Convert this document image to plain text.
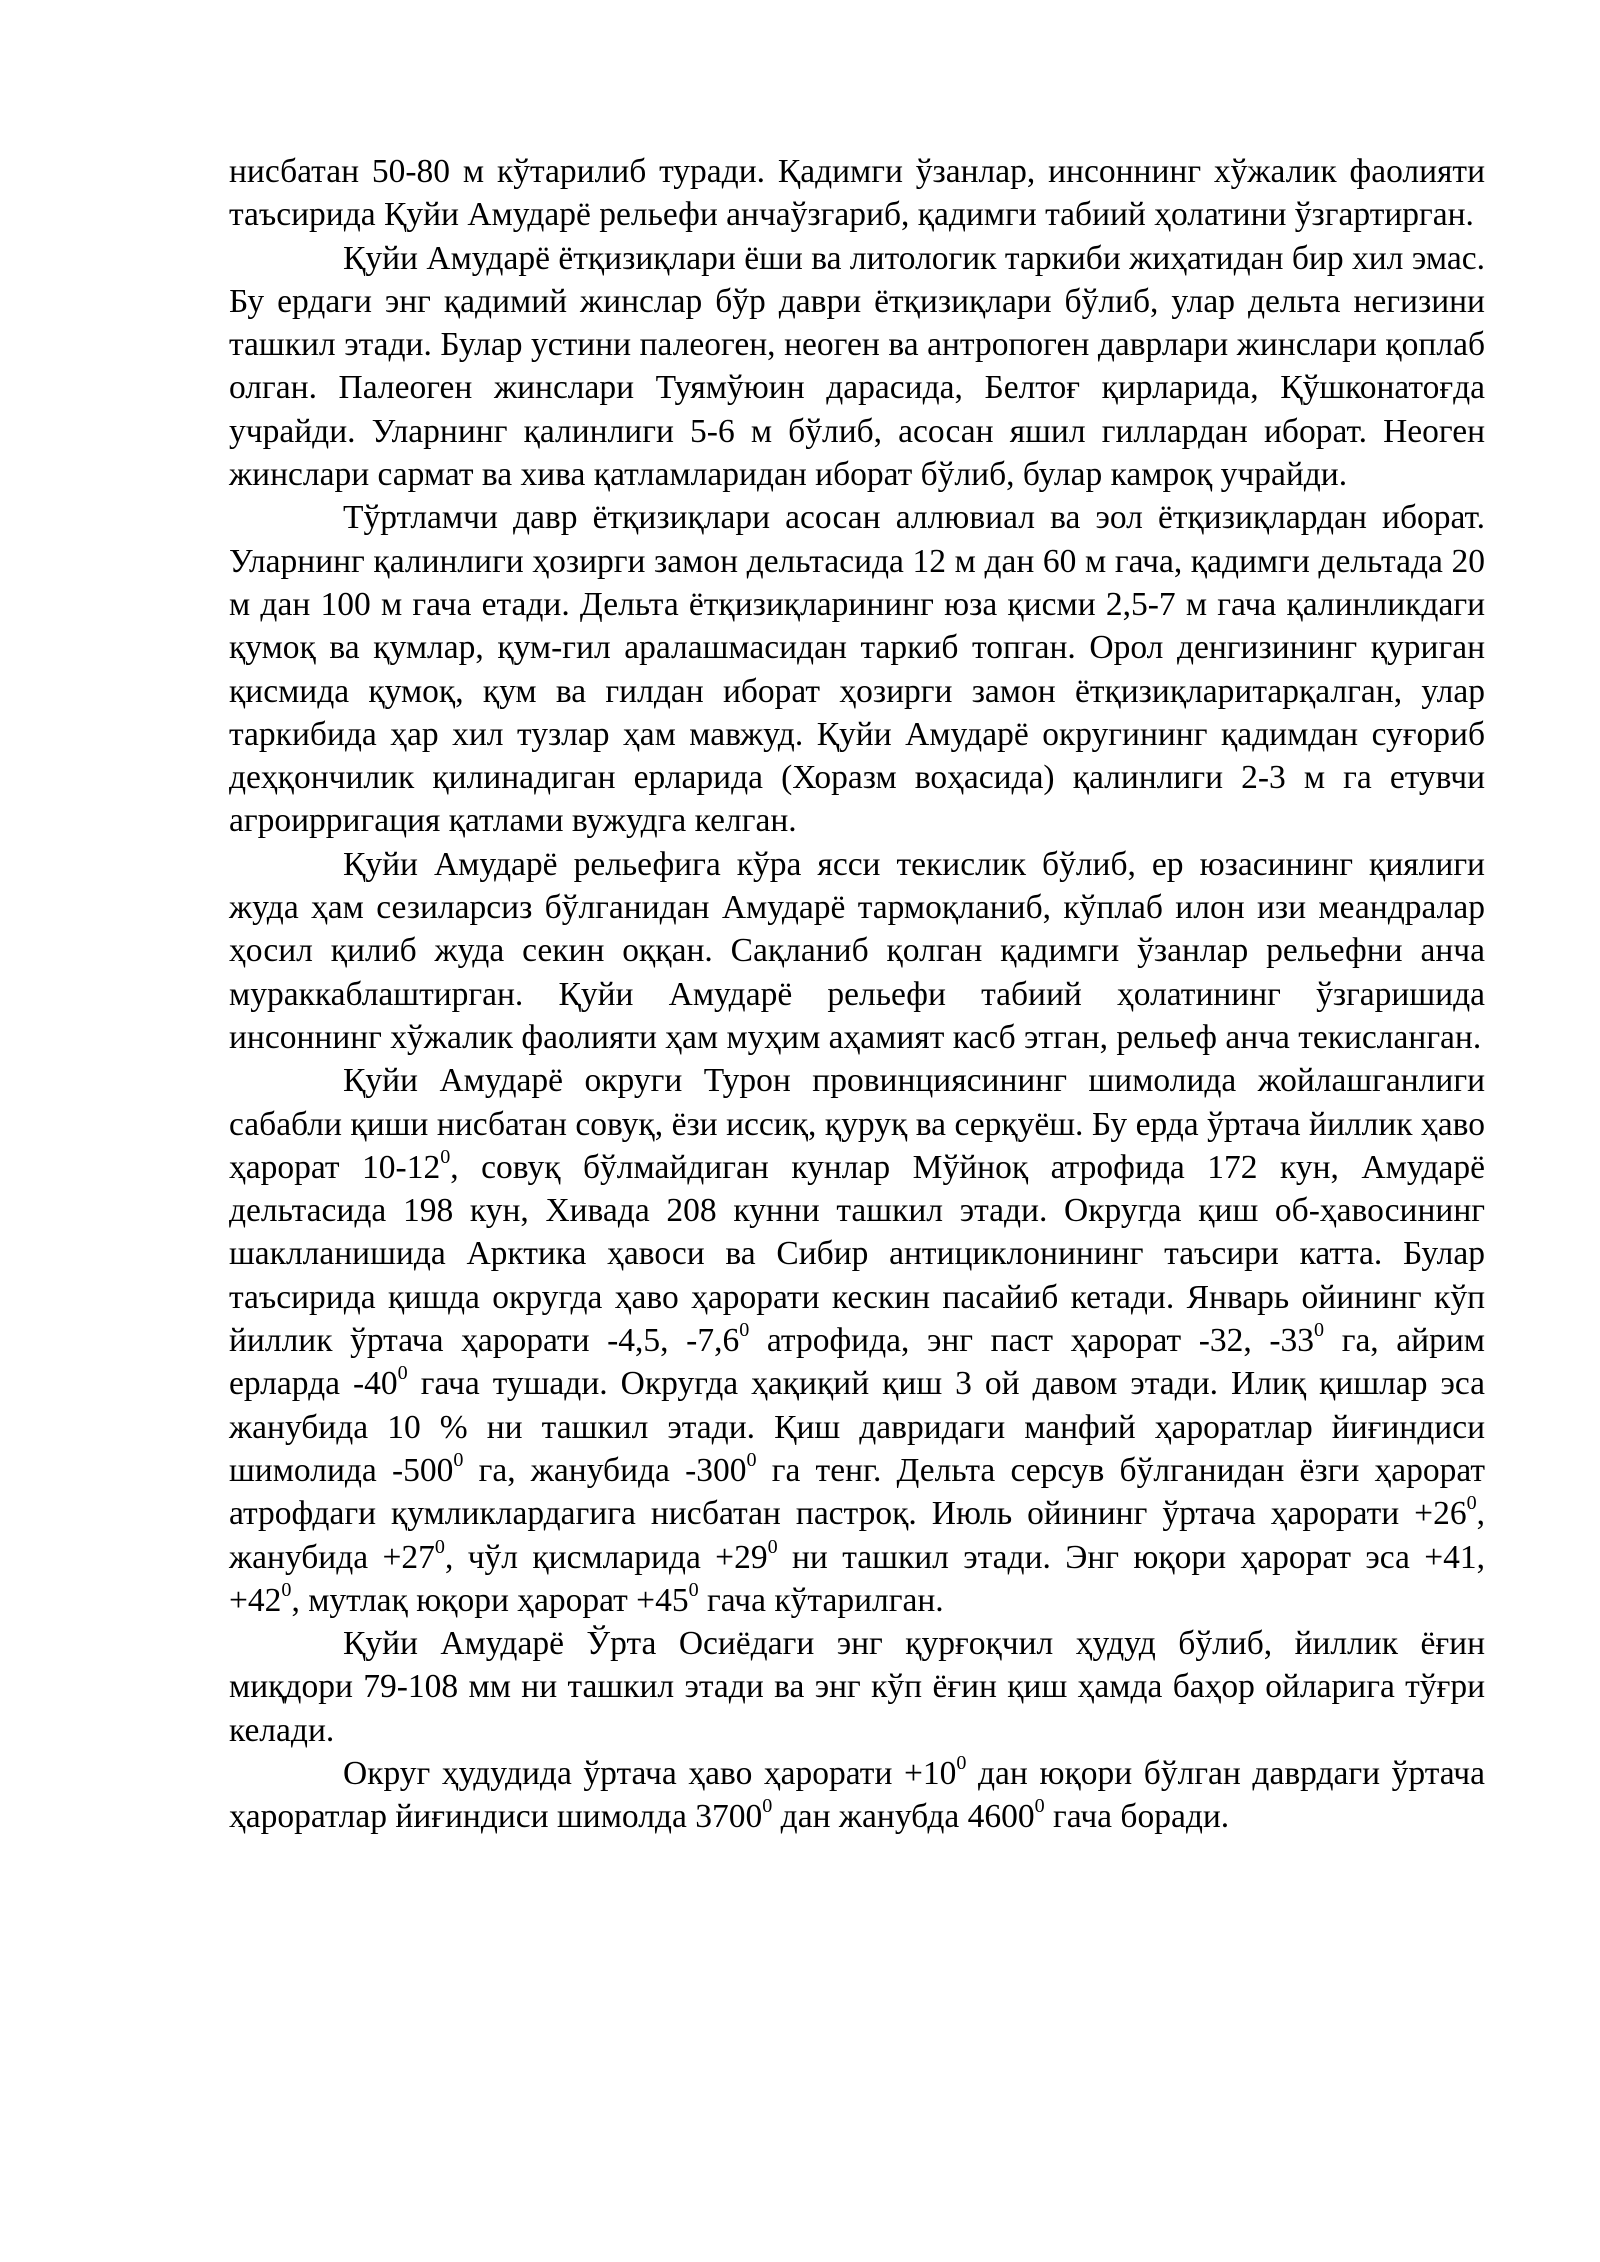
нисбатан 50-80 м кўтарилиб туради. Қадимги ўзанлар, инсоннинг хўжалик фаолияти таъсирида Қуйи Амударё рельефи анчаўзгариб, қадимги табиий ҳолатини ўзгартирган.

Қуйи Амударё ётқизиқлари ёши ва литологик таркиби жиҳатидан бир хил эмас. Бу ердаги энг қадимий жинслар бўр даври ётқизиқлари бўлиб, улар дельта негизини ташкил этади. Булар устини палеоген, неоген ва антропоген даврлари жинслари қоплаб олган. Палеоген жинслари Туямўюин дарасида, Белтоғ қирларида, Қўшконатоғда учрайди. Уларнинг қалинлиги 5-6 м бўлиб, асосан яшил гиллардан иборат. Неоген жинслари сармат ва хива қатламларидан иборат бўлиб, булар камроқ учрайди.

Тўртламчи давр ётқизиқлари асосан аллювиал ва эол ётқизиқлардан иборат. Уларнинг қалинлиги ҳозирги замон дельтасида 12 м дан 60 м гача, қадимги дельтада 20 м дан 100 м гача етади. Дельта ётқизиқларининг юза қисми 2,5-7 м гача қалинликдаги қумоқ ва қумлар, қум-гил аралашмасидан таркиб топган. Орол денгизининг қуриган қисмида қумоқ, қум ва гилдан иборат ҳозирги замон ётқизиқларитарқалган, улар таркибида ҳар хил тузлар ҳам мавжуд. Қуйи Амударё округининг қадимдан суғориб деҳқончилик қилинадиган ерларида (Хоразм воҳасида) қалинлиги 2-3 м га етувчи агроирригация қатлами вужудга келган.

Қуйи Амударё рельефига кўра ясси текислик бўлиб, ер юзасининг қиялиги жуда ҳам сезиларсиз бўлганидан Амударё тармоқланиб, кўплаб илон изи меандралар ҳосил қилиб жуда секин оққан. Сақланиб қолган қадимги ўзанлар рельефни анча мураккаблаштирган. Қуйи Амударё рельефи табиий ҳолатининг ўзгаришида инсоннинг хўжалик фаолияти ҳам муҳим аҳамият касб этган, рельеф анча текисланган.

Қуйи Амударё округи Турон провинциясининг шимолида жойлашганлиги сабабли қиши нисбатан совуқ, ёзи иссиқ, қуруқ ва серқуёш. Бу ерда ўртача йиллик ҳаво ҳарорат $10-12^0$, совуқ бўлмайдиган кунлар Мўйноқ атрофида 172 кун, Амударё дельтасида 198 кун, Хивада 208 кунни ташкил этади. Округда қиш об-ҳавосининг шаклланишида Арктика ҳавоси ва Сибир антициклонининг таъсири катта. Булар таъсирида қишда округда ҳаво ҳарорати кескин пасайиб кетади. Январь ойининг кўп йиллик ўртача ҳарорати -4,5, $-7,6^0$ атрофида, энг паст ҳарорат -32, $-33^0$ га, айрим ерларда $-40^0$ гача тушади. Округда ҳақиқий қиш 3 ой давом этади. Илиқ қишлар эса жанубида 10 % ни ташкил этади. Қиш давридаги манфий ҳароратлар йиғиндиси шимолида $-500^0$ га, жанубида $-300^0$ га тенг. Дельта серсув бўлганидан ёзги ҳарорат атрофдаги қумликлардагига нисбатан пастроқ. Июль ойининг ўртача ҳарорати $+26^0$, жанубида $+27^0$, чўл қисмларида $+29^0$ ни ташкил этади. Энг юқори ҳарорат эса +41, $+42^0$, мутлақ юқори ҳарорат $+45^0$ гача кўтарилган.

Қуйи Амударё Ўрта Осиёдаги энг қурғоқчил ҳудуд бўлиб, йиллик ёғин миқдори 79-108 мм ни ташкил этади ва энг кўп ёғин қиш ҳамда баҳор ойларига тўғри келади.

Округ ҳудудида ўртача ҳаво ҳарорати $+10^0$ дан юқори бўлган даврдаги ўртача ҳароратлар йиғиндиси шимолда 3700$^0$ дан жанубда 4600$^0$ гача боради.
